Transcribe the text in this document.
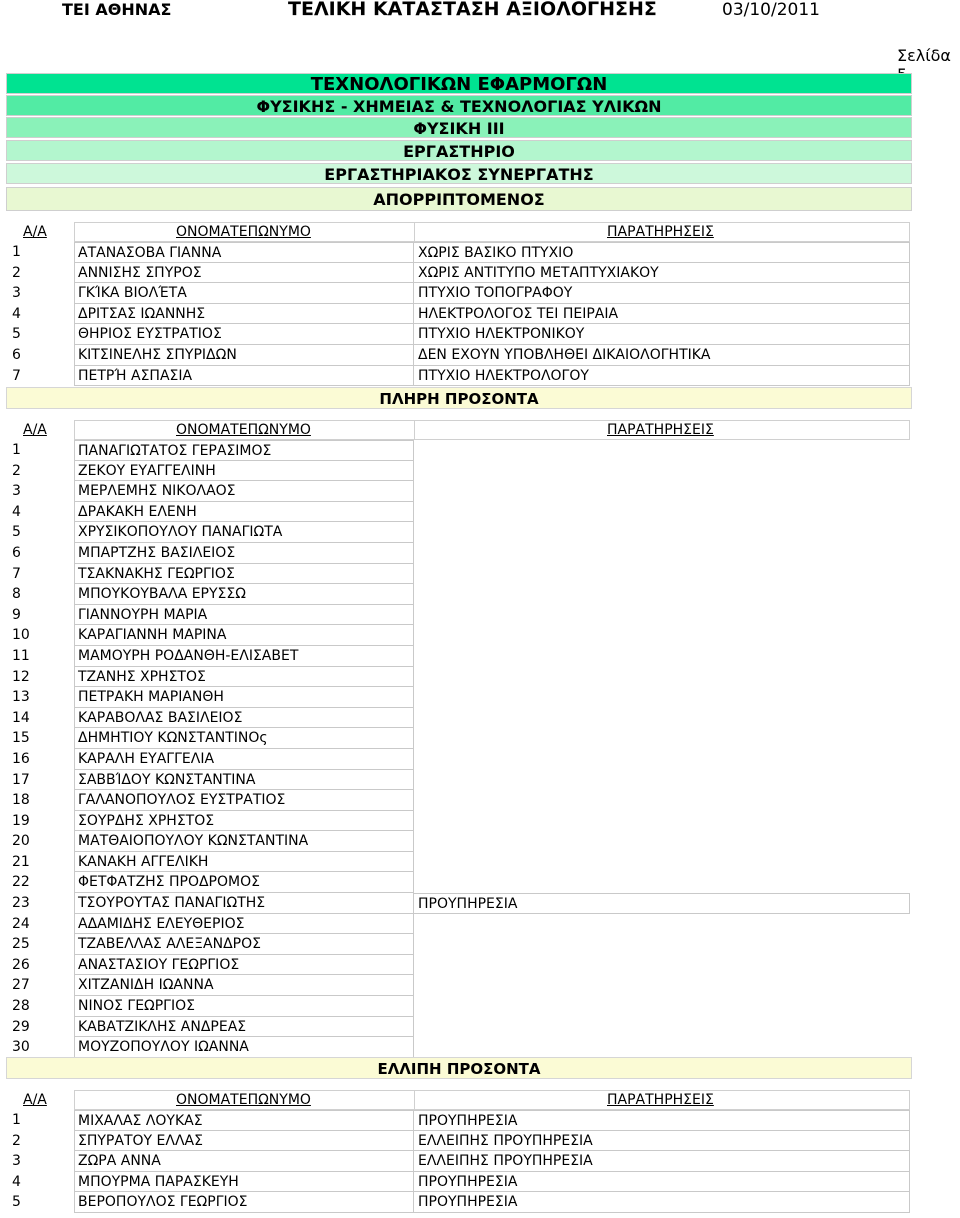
ΤΕΙ ΑΘΗΝΑΣ	ΤΕΛΙΚΗ ΚΑΤΑΣΤΑΣΗ ΑΞΙΟΛΟΓΗΣΗΣ	03/10/2011
Σελίδα
ΤΕΧΝΟΛΟΓΙΚΩΝ ΕΦΑΡΜΟΓΩΝ
ΦΥΣΙΚΗΣ - ΧΗΜΕΙΑΣ & ΤΕΧΝΟΛΟΓΙΑΣ ΥΛΙΚΩΝ
ΦΥΣΙΚΗ ΙΙΙ
ΕΡΓΑΣΤΗΡΙΟ
ΕΡΓΑΣΤΗΡΙΑΚΟΣ ΣΥΝΕΡΓΑΤΗΣ
ΑΠΟΡΡΙΠΤΟΜΕΝΟΣ
Α/Α	ΟΝΟΜΑΤΕΠΩΝΥΜΟ	ΠΑΡΑΤΗΡΗΣΕΙΣ
1	ΑΤΑΝΑΣΟΒΑ ΓΙΑΝΝΑ	ΧΩΡΙΣ ΒΑΣΙΚΟ ΠΤΥΧΙΟ
2	ΑΝΝΙΣΗΣ ΣΠΥΡΟΣ	ΧΩΡΙΣ ΑΝΤΙΤΥΠΟ ΜΕΤΑΠΤΥΧΙΑΚΟΥ
3	ΓΚΊΚΑ ΒΙΟΛΈΤΑ	ΠΤΥΧΙΟ ΤΟΠΟΓΡΑΦΟΥ
4	ΔΡΙΤΣΑΣ ΙΩΑΝΝΗΣ	ΗΛΕΚΤΡΟΛΟΓΟΣ ΤΕΙ ΠΕΙΡΑΙΑ
5	ΘΗΡΙΟΣ ΕΥΣΤΡΑΤΙΟΣ	ΠΤΥΧΙΟ ΗΛΕΚΤΡΟΝΙΚΟΥ
6	ΚΙΤΣΙΝΕΛΗΣ ΣΠΥΡΙΔΩΝ	ΔΕΝ ΕΧΟΥΝ ΥΠΟΒΛΗΘΕΙ ΔΙΚΑΙΟΛΟΓΗΤΙΚΑ
7	ΠΕΤΡΉ ΑΣΠΑΣΙΑ	ΠΤΥΧΙΟ ΗΛΕΚΤΡΟΛΟΓΟΥ
ΠΛΗΡΗ ΠΡΟΣΟΝΤΑ
Α/Α	ΟΝΟΜΑΤΕΠΩΝΥΜΟ	ΠΑΡΑΤΗΡΗΣΕΙΣ
1	ΠΑΝΑΓΙΩΤΑΤΟΣ ΓΕΡΑΣΙΜΟΣ
2	ΖΕΚΟΥ ΕΥΑΓΓΕΛΙΝΗ
3	ΜΕΡΛΕΜΗΣ ΝΙΚΟΛΑΟΣ
4	ΔΡΑΚΑΚΗ ΕΛΕΝΗ
5	ΧΡΥΣΙΚΟΠΟΥΛΟΥ ΠΑΝΑΓΙΩΤΑ
6	ΜΠΑΡΤΖΗΣ ΒΑΣΙΛΕΙΟΣ
7	ΤΣΑΚΝΑΚΗΣ ΓΕΩΡΓΙΟΣ
8	ΜΠΟΥΚΟΥΒΑΛΑ ΕΡΥΣΣΩ
9	ΓΙΑΝΝΟΥΡΗ ΜΑΡΙΑ
10	ΚΑΡΑΓΙΑΝΝΗ ΜΑΡΙΝΑ
11	ΜΑΜΟΥΡΗ ΡΟΔΑΝΘΗ-ΕΛΙΣΑΒΕΤ
12	ΤΖΑΝΗΣ ΧΡΗΣΤΟΣ
13	ΠΕΤΡΑΚΗ ΜΑΡΙΑΝΘΗ
14	ΚΑΡΑΒΟΛΑΣ ΒΑΣΙΛΕΙΟΣ
15	ΔΗΜΗΤΙΟΥ ΚΩΝΣΤΑΝΤΙΝΟς
16	ΚΑΡΑΛΗ ΕΥΑΓΓΕΛΙΑ
17	ΣΑΒΒΊΔΟΥ ΚΩΝΣΤΑΝΤΙΝΑ
18	ΓΑΛΑΝΟΠΟΥΛΟΣ ΕΥΣΤΡΑΤΙΟΣ
19	ΣΟΥΡΔΗΣ ΧΡΗΣΤΟΣ
20	ΜΑΤΘΑΙΟΠΟΥΛΟΥ ΚΩΝΣΤΑΝΤΙΝΑ
21	ΚΑΝΑΚΗ ΑΓΓΕΛΙΚΗ
22	ΦΕΤΦΑΤΖΗΣ ΠΡΟΔΡΟΜΟΣ
23	ΤΣΟΥΡΟΥΤΑΣ ΠΑΝΑΓΙΩΤΗΣ	ΠΡΟΥΠΗΡΕΣΙΑ
24	ΑΔΑΜΙΔΗΣ ΕΛΕΥΘΕΡΙΟΣ
25	ΤΖΑΒΕΛΛΑΣ ΑΛΕΞΑΝΔΡΟΣ
26	ΑΝΑΣΤΑΣΙΟΥ ΓΕΩΡΓΙΟΣ
27	ΧΙΤΖΑΝΙΔΗ ΙΩΑΝΝΑ
28	ΝΙΝΟΣ ΓΕΩΡΓΙΟΣ
29	ΚΑΒΑΤΖΙΚΛΗΣ ΑΝΔΡΕΑΣ
30	ΜΟΥΖΟΠΟΥΛΟΥ ΙΩΑΝΝΑ
ΕΛΛΙΠΗ ΠΡΟΣΟΝΤΑ
Α/Α	ΟΝΟΜΑΤΕΠΩΝΥΜΟ	ΠΑΡΑΤΗΡΗΣΕΙΣ
1	ΜΙΧΑΛΑΣ ΛΟΥΚΑΣ	ΠΡΟΥΠΗΡΕΣΙΑ
2	ΣΠΥΡΑΤΟΥ ΕΛΛΑΣ	ΕΛΛΕΙΠΗΣ ΠΡΟΥΠΗΡΕΣΙΑ
3	ΖΩΡΑ ΑΝΝΑ	ΕΛΛΕΙΠΗΣ ΠΡΟΥΠΗΡΕΣΙΑ
4	ΜΠΟΥΡΜΑ ΠΑΡΑΣΚΕΥΗ	ΠΡΟΥΠΗΡΕΣΙΑ
5	ΒΕΡΟΠΟΥΛΟΣ ΓΕΩΡΓΙΟΣ	ΠΡΟΥΠΗΡΕΣΙΑ
